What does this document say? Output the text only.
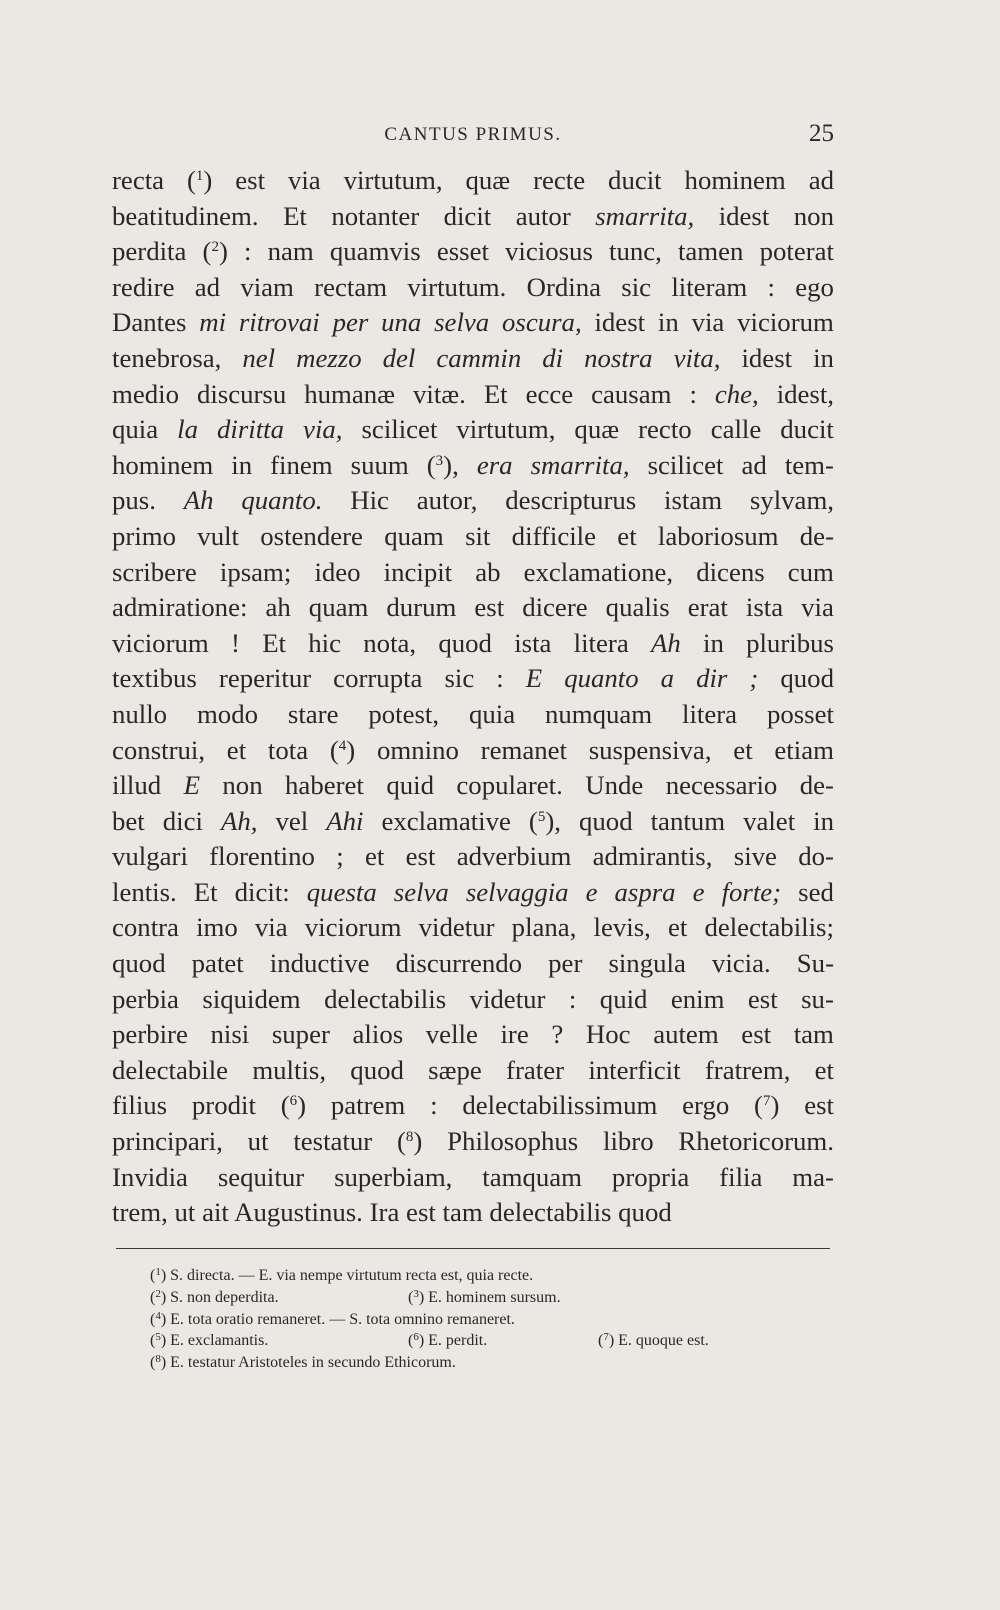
CANTUS PRIMUS.	25
recta ($^1$) est via virtutum, quæ recte ducit hominem ad
beatitudinem. Et notanter dicit autor smarrita, idest non
perdita ($^2$) : nam quamvis esset viciosus tunc, tamen poterat
redire ad viam rectam virtutum. Ordina sic literam : ego
Dantes mi ritrovai per una selva oscura, idest in via viciorum
tenebrosa, nel mezzo del cammin di nostra vita, idest in
medio discursu humanæ vitæ. Et ecce causam : che, idest,
quia la diritta via, scilicet virtutum, quæ recto calle ducit
hominem in finem suum ($^3$), era smarrita, scilicet ad tem-
pus. Ah quanto. Hic autor, descripturus istam sylvam,
primo vult ostendere quam sit difficile et laboriosum de-
scribere ipsam; ideo incipit ab exclamatione, dicens cum
admiratione: ah quam durum est dicere qualis erat ista via
viciorum ! Et hic nota, quod ista litera Ah in pluribus
textibus reperitur corrupta sic : E quanto a dir ; quod
nullo modo stare potest, quia numquam litera posset
construi, et tota ($^4$) omnino remanet suspensiva, et etiam
illud E non haberet quid copularet. Unde necessario de-
bet dici Ah, vel Ahi exclamative ($^5$), quod tantum valet in
vulgari florentino ; et est adverbium admirantis, sive do-
lentis. Et dicit: questa selva selvaggia e aspra e forte; sed
contra imo via viciorum videtur plana, levis, et delectabilis;
quod patet inductive discurrendo per singula vicia. Su-
perbia siquidem delectabilis videtur : quid enim est su-
perbire nisi super alios velle ire ? Hoc autem est tam
delectabile multis, quod sæpe frater interficit fratrem, et
filius prodit ($^6$) patrem : delectabilissimum ergo ($^7$) est
principari, ut testatur ($^8$) Philosophus libro Rhetoricorum.
Invidia sequitur superbiam, tamquam propria filia ma-
trem, ut ait Augustinus. Ira est tam delectabilis quod
($^1$) S. directa. — E. via nempe virtutum recta est, quia recte.
($^2$) S. non deperdita.	($^3$) E. hominem sursum.
($^4$) E. tota oratio remaneret. — S. tota omnino remaneret.
($^5$) E. exclamantis.	($^6$) E. perdit.	($^7$) E. quoque est.
($^8$) E. testatur Aristoteles in secundo Ethicorum.
